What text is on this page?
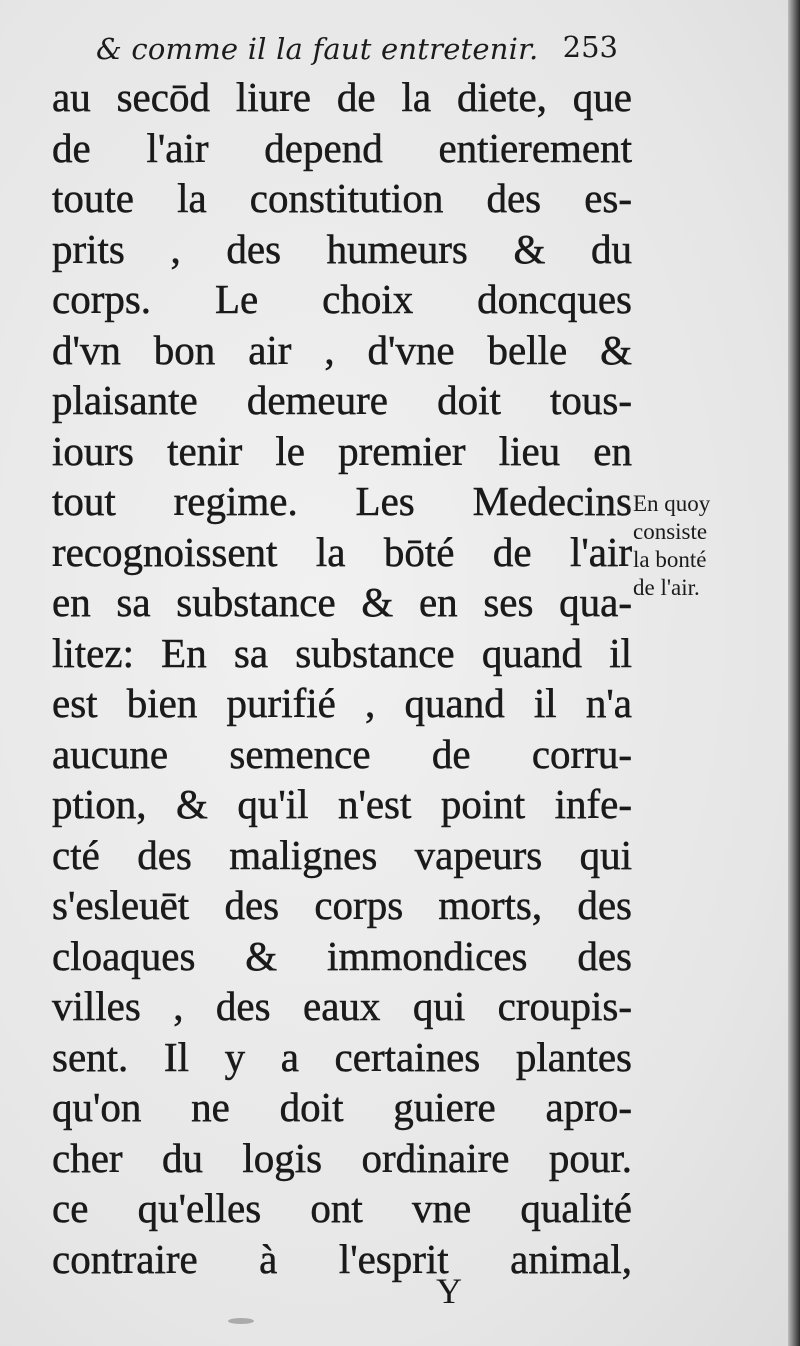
& comme il la faut entretenir. 253
au secōd liure de la diete, que
de l'air depend entierement
toute la constitution des es-
prits , des humeurs & du
corps. Le choix doncques
d'vn bon air , d'vne belle &
plaisante demeure doit tous-
iours tenir le premier lieu en
tout regime. Les Medecins
recognoissent la bōté de l'air
en sa substance & en ses qua-
litez: En sa substance quand il
est bien purifié , quand il n'a
aucune semence de corru-
ption, & qu'il n'est point infe-
cté des malignes vapeurs qui
s'esleuēt des corps morts, des
cloaques & immondices des
villes , des eaux qui croupis-
sent. Il y a certaines plantes
qu'on ne doit guiere apro-
cher du logis ordinaire pour.
ce qu'elles ont vne qualité
contraire à l'esprit animal,
En quoy
consiste
la bonté
de l'air.
Y
